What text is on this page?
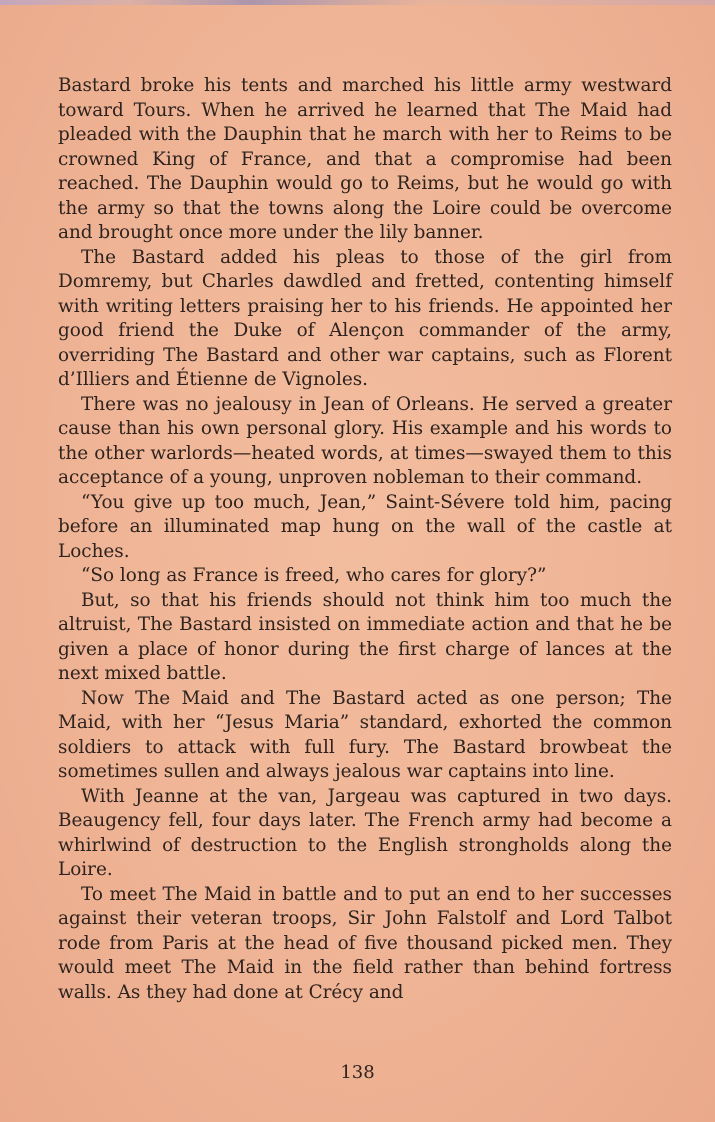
Bastard broke his tents and marched his little army westward toward Tours. When he arrived he learned that The Maid had pleaded with the Dauphin that he march with her to Reims to be crowned King of France, and that a compromise had been reached. The Dauphin would go to Reims, but he would go with the army so that the towns along the Loire could be overcome and brought once more under the lily banner.

The Bastard added his pleas to those of the girl from Domremy, but Charles dawdled and fretted, contenting himself with writing letters praising her to his friends. He appointed her good friend the Duke of Alençon commander of the army, overriding The Bastard and other war captains, such as Florent d’Illiers and Étienne de Vignoles.

There was no jealousy in Jean of Orleans. He served a greater cause than his own personal glory. His example and his words to the other warlords—heated words, at times—swayed them to this acceptance of a young, unproven nobleman to their command.

“You give up too much, Jean,” Saint-Sévere told him, pacing before an illuminated map hung on the wall of the castle at Loches.

“So long as France is freed, who cares for glory?”

But, so that his friends should not think him too much the altruist, The Bastard insisted on immediate action and that he be given a place of honor during the first charge of lances at the next mixed battle.

Now The Maid and The Bastard acted as one person; The Maid, with her “Jesus Maria” standard, exhorted the common soldiers to attack with full fury. The Bastard browbeat the sometimes sullen and always jealous war captains into line.

With Jeanne at the van, Jargeau was captured in two days. Beaugency fell, four days later. The French army had become a whirlwind of destruction to the English strongholds along the Loire.

To meet The Maid in battle and to put an end to her successes against their veteran troops, Sir John Falstolf and Lord Talbot rode from Paris at the head of five thousand picked men. They would meet The Maid in the field rather than behind fortress walls. As they had done at Crécy and

138
